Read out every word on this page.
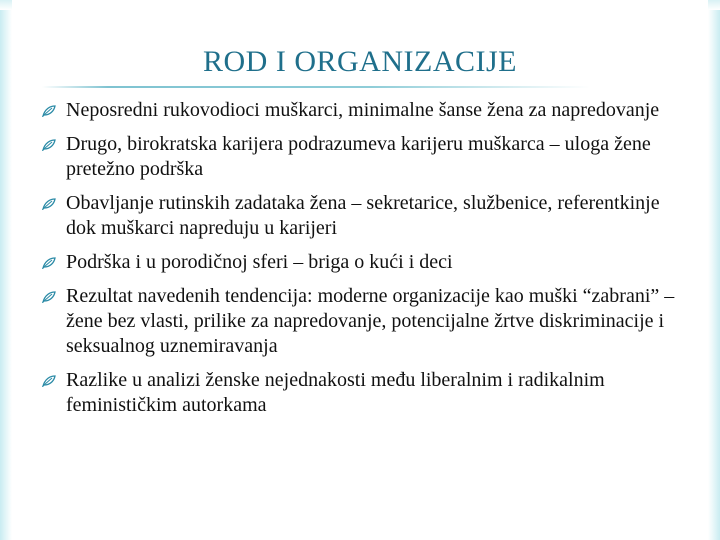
ROD I ORGANIZACIJE
Neposredni rukovodioci muškarci, minimalne šanse žena za napredovanje
Drugo, birokratska karijera podrazumeva karijeru muškarca – uloga žene pretežno podrška
Obavljanje rutinskih zadataka žena – sekretarice, službenice, referentkinje dok muškarci napreduju u karijeri
Podrška i u porodičnoj sferi – briga o kući i deci
Rezultat navedenih tendencija: moderne organizacije kao muški “zabrani” – žene bez vlasti, prilike za napredovanje, potencijalne žrtve diskriminacije i seksualnog uznemiravanja
Razlike u analizi ženske nejednakosti među liberalnim i radikalnim feminističkim autorkama
